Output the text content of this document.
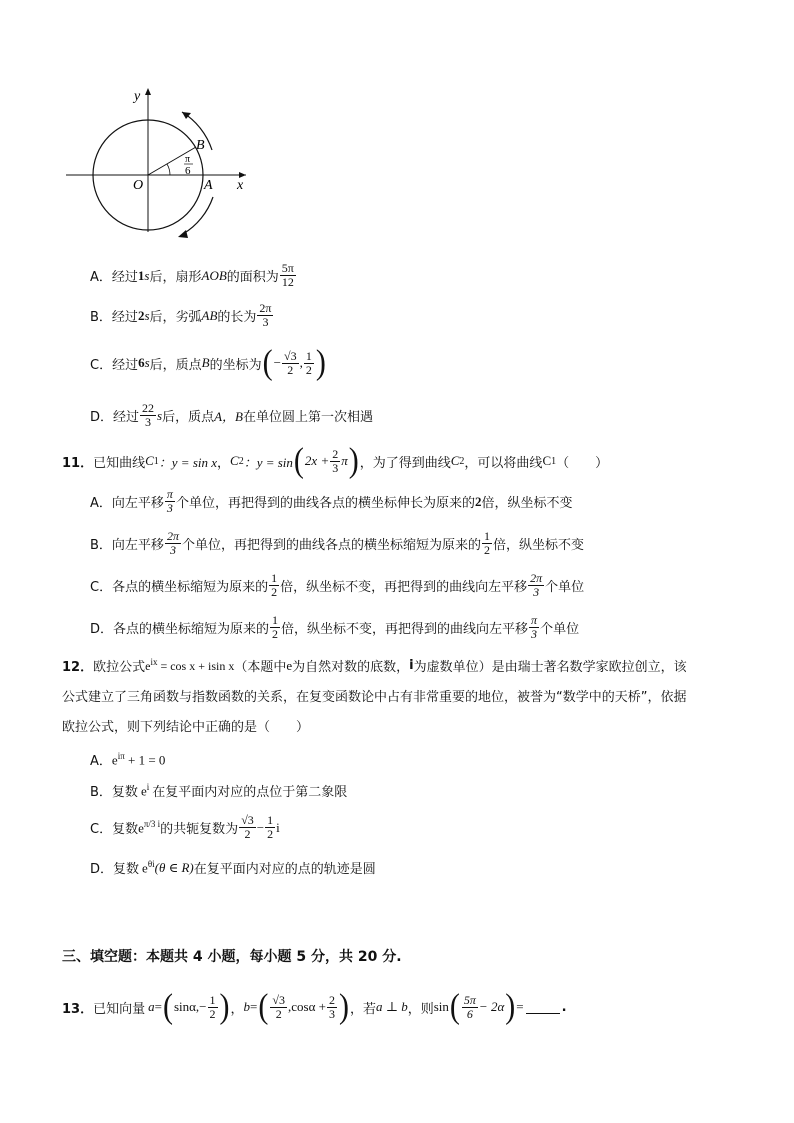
y
x
O	A
B
π
6
A． 经过 1 s 后，扇形 AOB 的面积为 $\frac{5\pi}{12}$
B． 经过 2 s 后，劣弧 AB 的长为 $\frac{2\pi}{3}$
C． 经过 6 s 后，质点 B 的坐标为 ( − $\frac{√3}{2}$ , $\frac{1}{2}$ )
D． 经过 $\frac{22}{3}$ s 后，质点 A，B 在单位圆上第一次相遇
11． 已知曲线 C 1 ：y = sin x ， C 2 ：y = sin ( $2x + \frac{2}{3}$ π ) ，为了得到曲线 C 2 ，可以将曲线 C 1 （　　）
A． 向左平移 $\frac{\pi}{3}$ 个单位，再把得到的曲线各点的横坐标伸长为原来的 2 倍，纵坐标不变
B． 向左平移 $\frac{2\pi}{3}$ 个单位，再把得到的曲线各点的横坐标缩短为原来的 $\frac{1}{2}$ 倍，纵坐标不变
C． 各点的横坐标缩短为原来的 $\frac{1}{2}$ 倍，纵坐标不变，再把得到的曲线向左平移 $\frac{2\pi}{3}$ 个单位
D． 各点的横坐标缩短为原来的 $\frac{1}{2}$ 倍，纵坐标不变，再把得到的曲线向左平移 $\frac{\pi}{3}$ 个单位
12． 欧拉公式 $e^{ix} = \cos x + isin$ x （本题中 e 为自然对数的底数， i 为虚数单位）是由瑞士著名数学家欧拉创立，该
公式建立了三角函数与指数函数的关系，在复变函数论中占有非常重要的地位，被誉为“数学中的天桥”，依据
欧拉公式，则下列结论中正确的是（　　）
A． $e^{i\pi} + 1 = 0$
B． 复数 $e^i$ 在复平面内对应的点位于第二象限
C． 复数 $e^{\pi/3 i}$ 的共轭复数为 $\frac{√3}{2} - \frac{1}{2}$ i
D． 复数 $e^{\theta i}$ (θ ∈ R) 在复平面内对应的点的轨迹是圆
三、填空题：本题共 4 小题，每小题 5 分，共 20 分.
13． 已知向量 a = ( $\sin\alpha,- \frac{1}{2}$ ) ， b = ( $\frac{√3}{2} ,\cos\alpha + \frac{2}{3}$ ) ，若 a ⊥ b ，则 sin ( $\frac{5\pi}{6} - 2\alpha$ ) =	.
